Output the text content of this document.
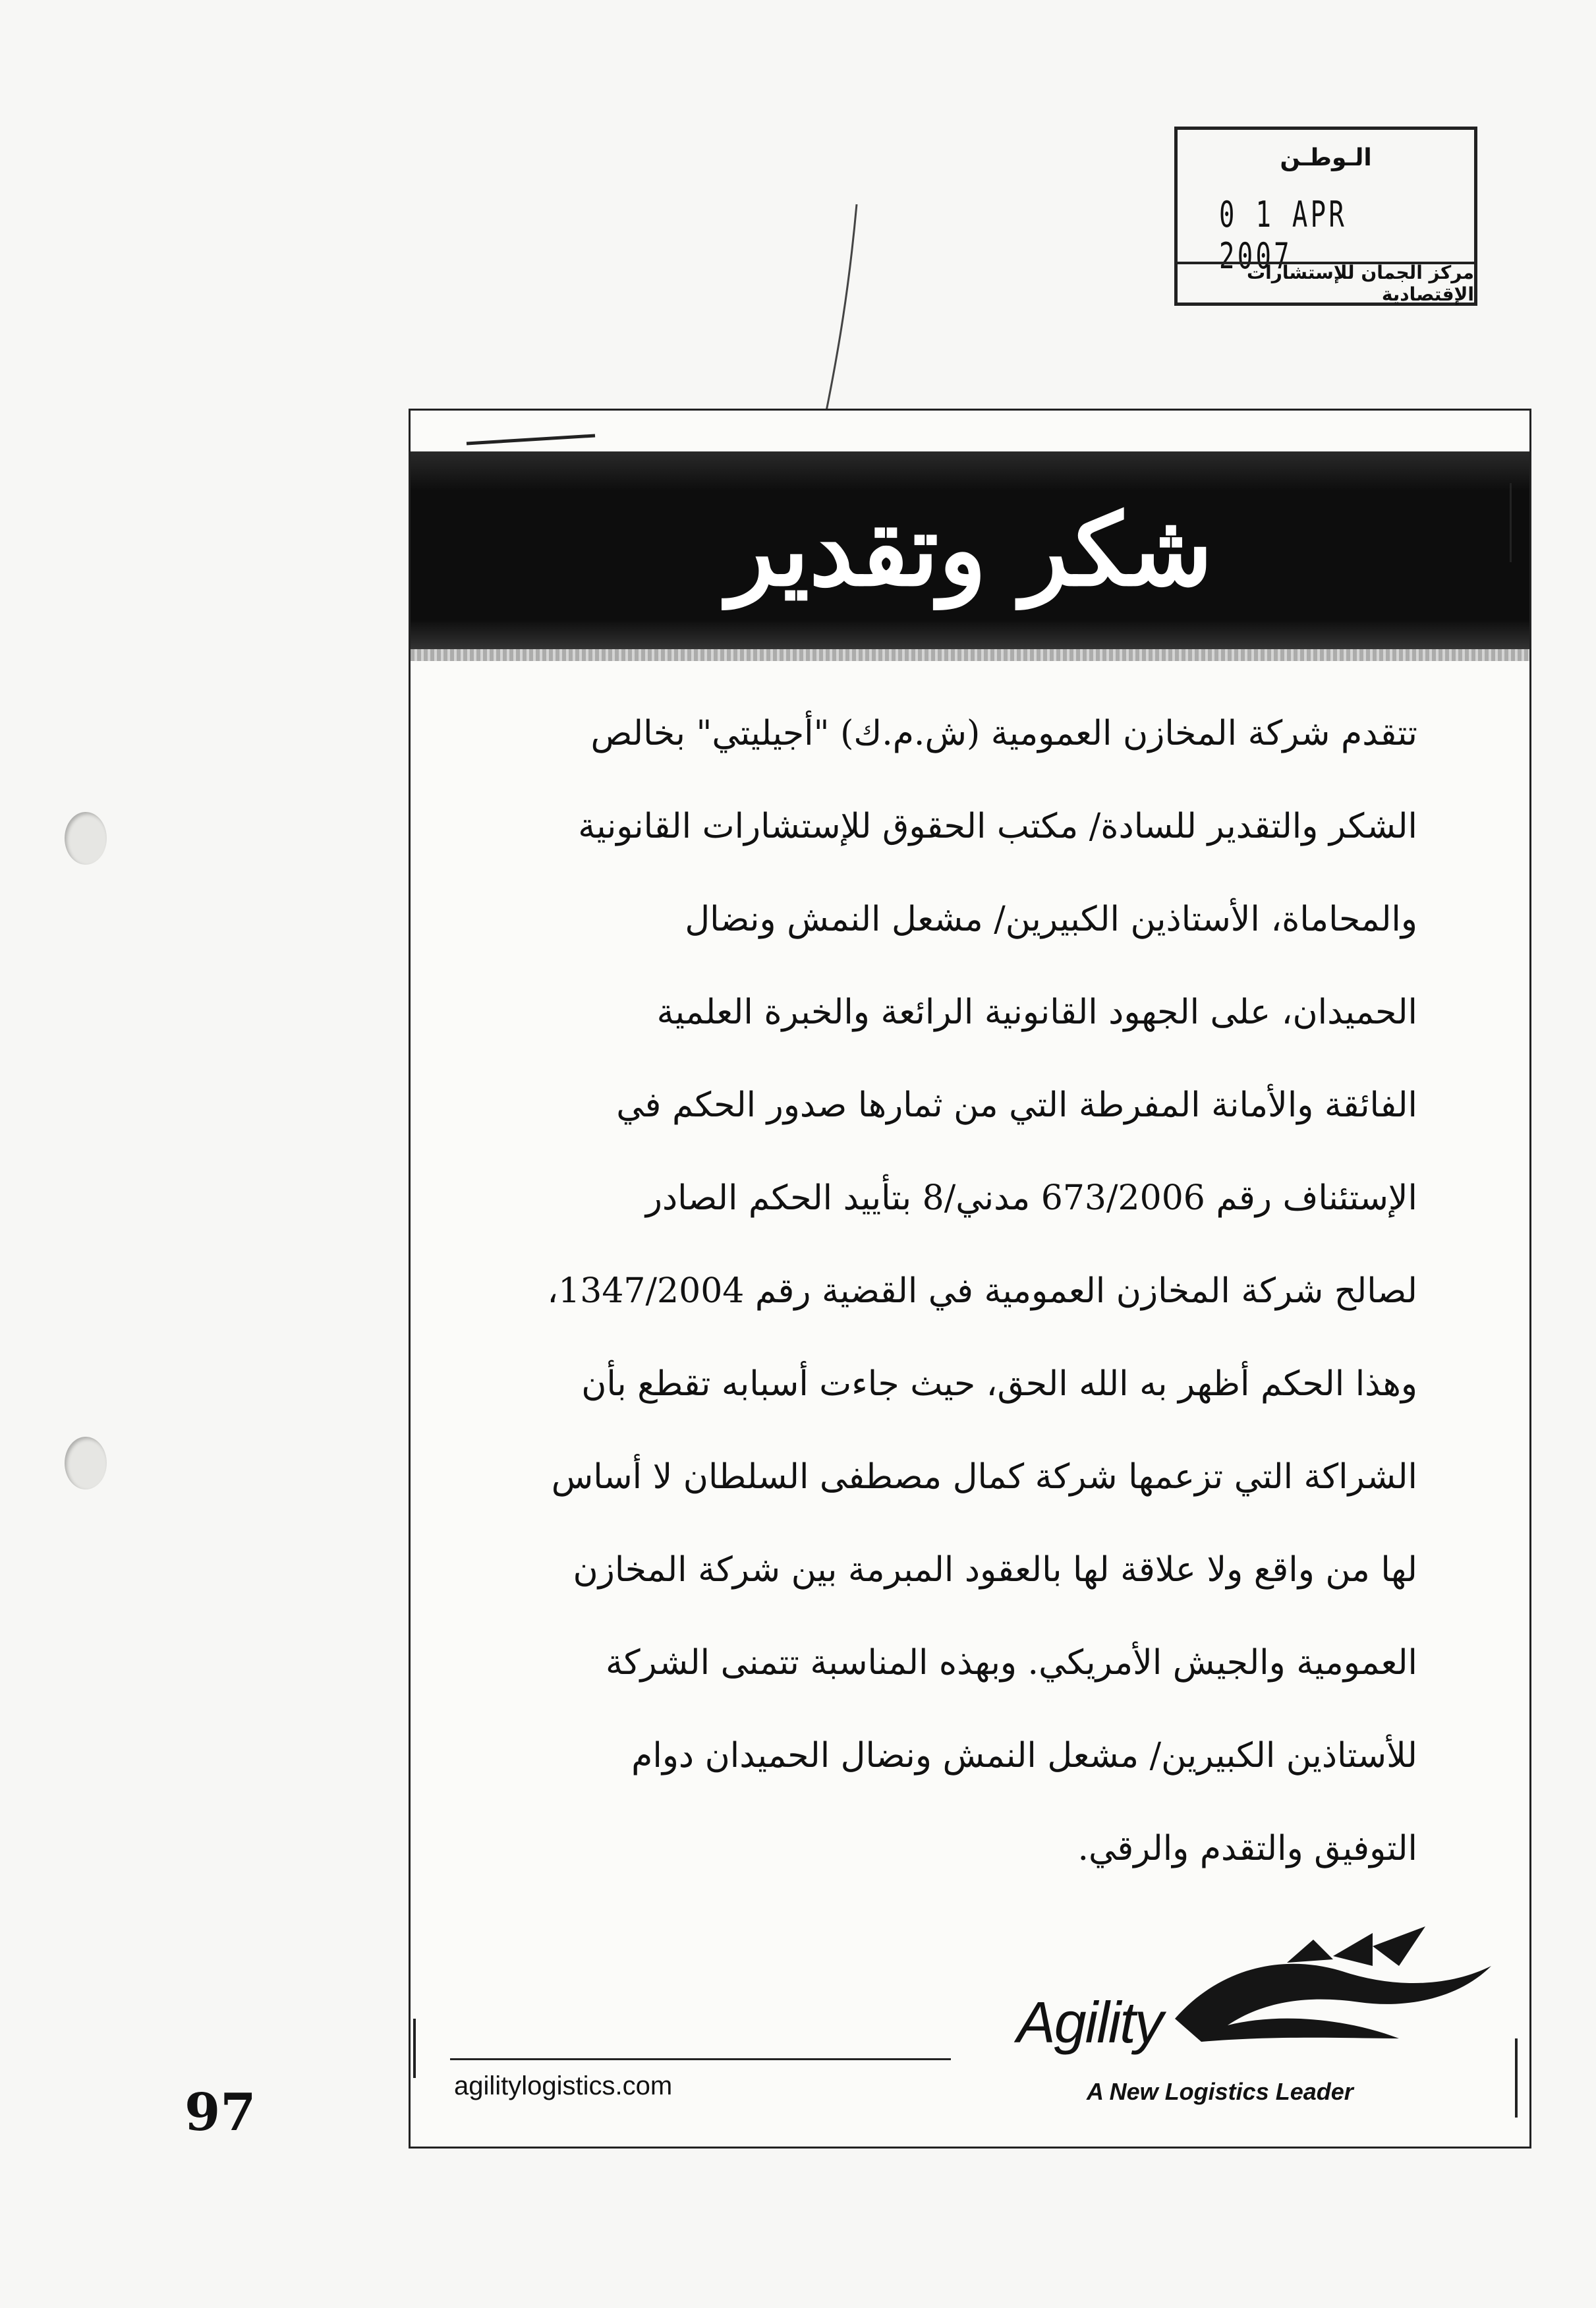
الـوطـن
0 1 APR 2007
مركز الجمان للإستشارات الإقتصادية
شكر وتقدير
تتقدم شركة المخازن العمومية (ش.م.ك) "أجيليتي" بخالص
الشكر والتقدير للسادة/ مكتب الحقوق للإستشارات القانونية
والمحاماة، الأستاذين الكبيرين/ مشعل النمش ونضال
الحميدان، على الجهود القانونية الرائعة والخبرة العلمية
الفائقة والأمانة المفرطة التي من ثمارها صدور الحكم في
الإستئناف رقم 673/2006 مدني/8 بتأييد الحكم الصادر
لصالح شركة المخازن العمومية في القضية رقم 1347/2004،
وهذا الحكم أظهر به الله الحق، حيث جاءت أسبابه تقطع بأن
الشراكة التي تزعمها شركة كمال مصطفى السلطان لا أساس
لها من واقع ولا علاقة لها بالعقود المبرمة بين شركة المخازن
العمومية والجيش الأمريكي. وبهذه المناسبة تتمنى الشركة
للأستاذين الكبيرين/ مشعل النمش ونضال الحميدان دوام
التوفيق والتقدم والرقي.
Agility
A New Logistics Leader
agilitylogistics.com
97
